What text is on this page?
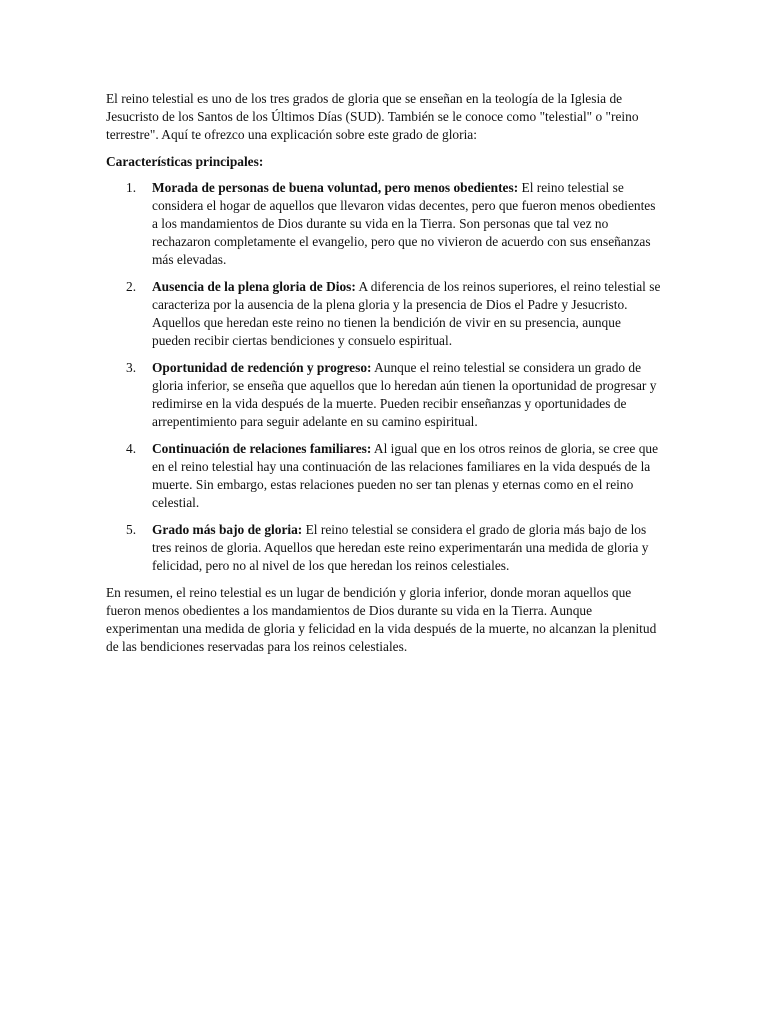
El reino telestial es uno de los tres grados de gloria que se enseñan en la teología de la Iglesia de Jesucristo de los Santos de los Últimos Días (SUD). También se le conoce como "telestial" o "reino terrestre". Aquí te ofrezco una explicación sobre este grado de gloria:

Características principales:

1. Morada de personas de buena voluntad, pero menos obedientes: El reino telestial se considera el hogar de aquellos que llevaron vidas decentes, pero que fueron menos obedientes a los mandamientos de Dios durante su vida en la Tierra. Son personas que tal vez no rechazaron completamente el evangelio, pero que no vivieron de acuerdo con sus enseñanzas más elevadas.
2. Ausencia de la plena gloria de Dios: A diferencia de los reinos superiores, el reino telestial se caracteriza por la ausencia de la plena gloria y la presencia de Dios el Padre y Jesucristo. Aquellos que heredan este reino no tienen la bendición de vivir en su presencia, aunque pueden recibir ciertas bendiciones y consuelo espiritual.
3. Oportunidad de redención y progreso: Aunque el reino telestial se considera un grado de gloria inferior, se enseña que aquellos que lo heredan aún tienen la oportunidad de progresar y redimirse en la vida después de la muerte. Pueden recibir enseñanzas y oportunidades de arrepentimiento para seguir adelante en su camino espiritual.
4. Continuación de relaciones familiares: Al igual que en los otros reinos de gloria, se cree que en el reino telestial hay una continuación de las relaciones familiares en la vida después de la muerte. Sin embargo, estas relaciones pueden no ser tan plenas y eternas como en el reino celestial.
5. Grado más bajo de gloria: El reino telestial se considera el grado de gloria más bajo de los tres reinos de gloria. Aquellos que heredan este reino experimentarán una medida de gloria y felicidad, pero no al nivel de los que heredan los reinos celestiales.

En resumen, el reino telestial es un lugar de bendición y gloria inferior, donde moran aquellos que fueron menos obedientes a los mandamientos de Dios durante su vida en la Tierra. Aunque experimentan una medida de gloria y felicidad en la vida después de la muerte, no alcanzan la plenitud de las bendiciones reservadas para los reinos celestiales.
